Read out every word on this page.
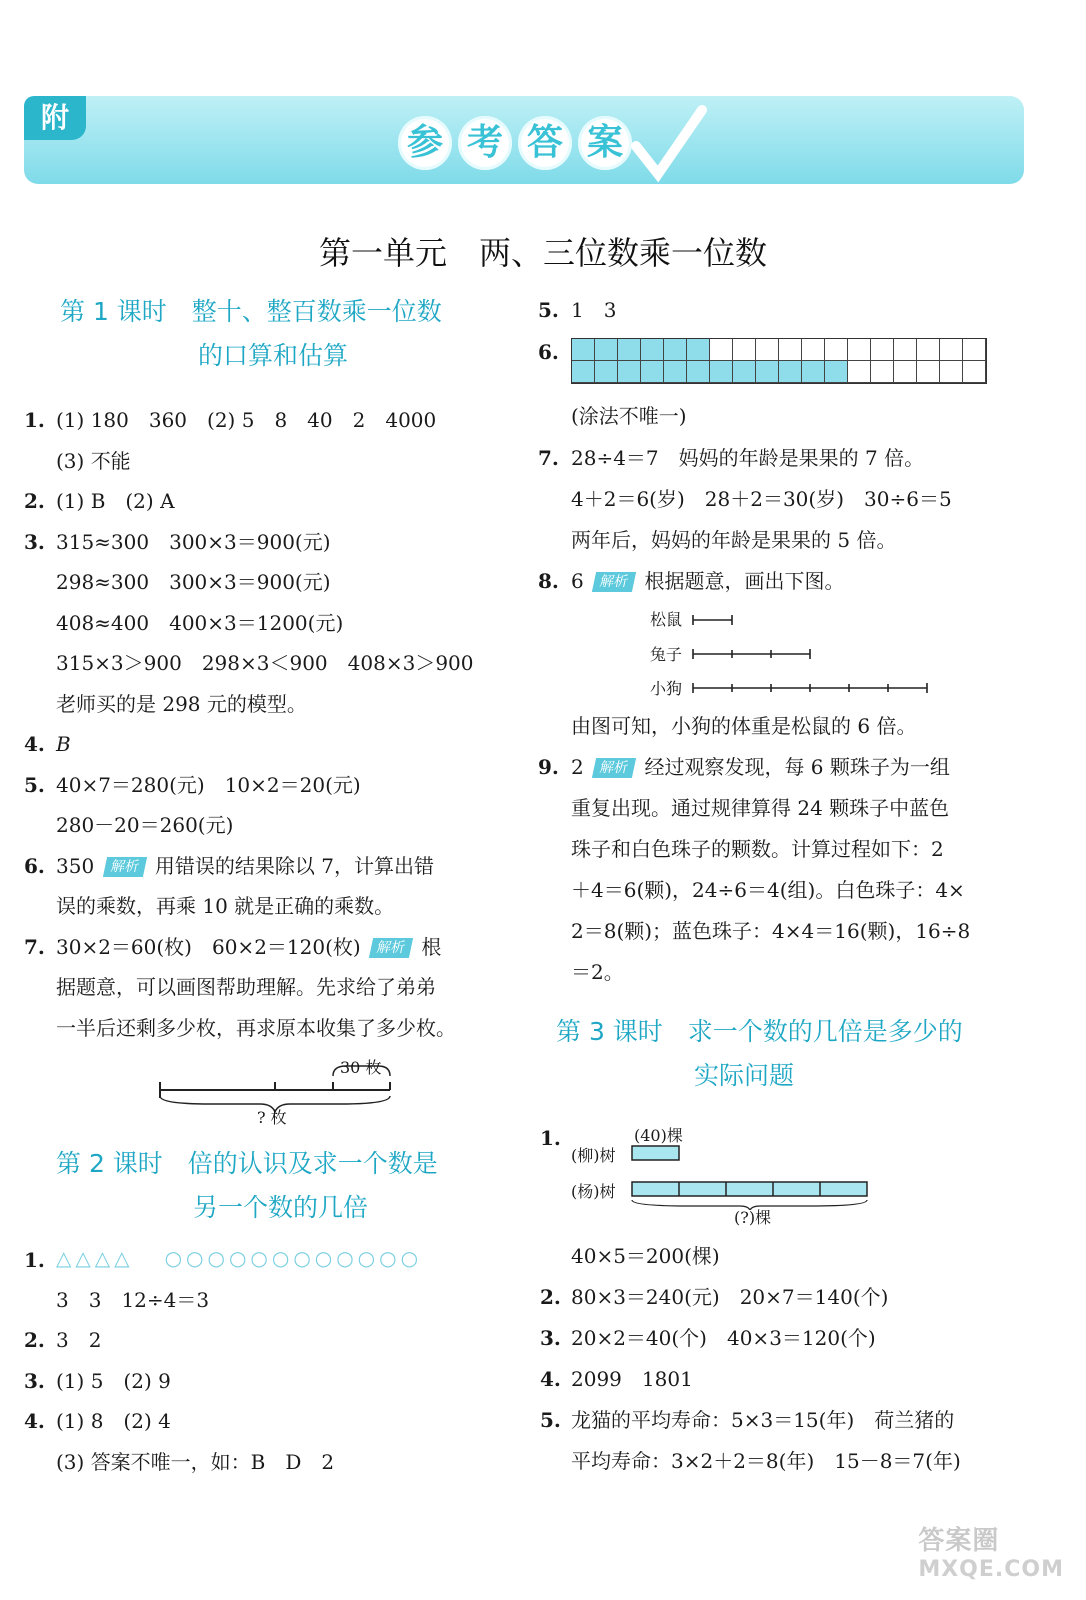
附
参 考 答 案
第一单元　两、三位数乘一位数
第 1 课时　整十、整百数乘一位数
的口算和估算
1. (1) 180　360　(2) 5　8　40　2　4000
(3) 不能
2. (1) B　(2) A
3. 315≈300　300×3＝900(元)
298≈300　300×3＝900(元)
408≈400　400×3＝1200(元)
315×3＞900　298×3＜900　408×3＞900
老师买的是 298 元的模型。
4. B
5. 40×7＝280(元)　10×2＝20(元)
280－20＝260(元)
6. 350 解析 用错误的结果除以 7，计算出错
误的乘数，再乘 10 就是正确的乘数。
7. 30×2＝60(枚)　60×2＝120(枚) 解析 根
据题意，可以画图帮助理解。先求给了弟弟
一半后还剩多少枚，再求原本收集了多少枚。
30 枚
? 枚
第 2 课时　倍的认识及求一个数是
另一个数的几倍
1. △△△△ ○○○○○○○○○○○○
3　3　12÷4＝3
2. 3　2
3. (1) 5　(2) 9
4. (1) 8　(2) 4
(3) 答案不唯一，如：B　D　2
5. 1　3
6.
(涂法不唯一)
7. 28÷4＝7　妈妈的年龄是果果的 7 倍。
4＋2＝6(岁)　28＋2＝30(岁)　30÷6＝5
两年后，妈妈的年龄是果果的 5 倍。
8. 6 解析 根据题意，画出下图。
松鼠
兔子
小狗
由图可知，小狗的体重是松鼠的 6 倍。
9. 2 解析 经过观察发现，每 6 颗珠子为一组
重复出现。通过规律算得 24 颗珠子中蓝色
珠子和白色珠子的颗数。计算过程如下：2
＋4＝6(颗)，24÷6＝4(组)。白色珠子：4×
2＝8(颗)；蓝色珠子：4×4＝16(颗)，16÷8
＝2。
第 3 课时　求一个数的几倍是多少的
实际问题
1.	(40)棵
(柳)树
(杨)树
(?)棵
40×5＝200(棵)
2. 80×3＝240(元)　20×7＝140(个)
3. 20×2＝40(个)　40×3＝120(个)
4. 2099　1801
5. 龙猫的平均寿命：5×3＝15(年)　荷兰猪的
平均寿命：3×2＋2＝8(年)　15－8＝7(年)
答案圈
MXQE.COM
